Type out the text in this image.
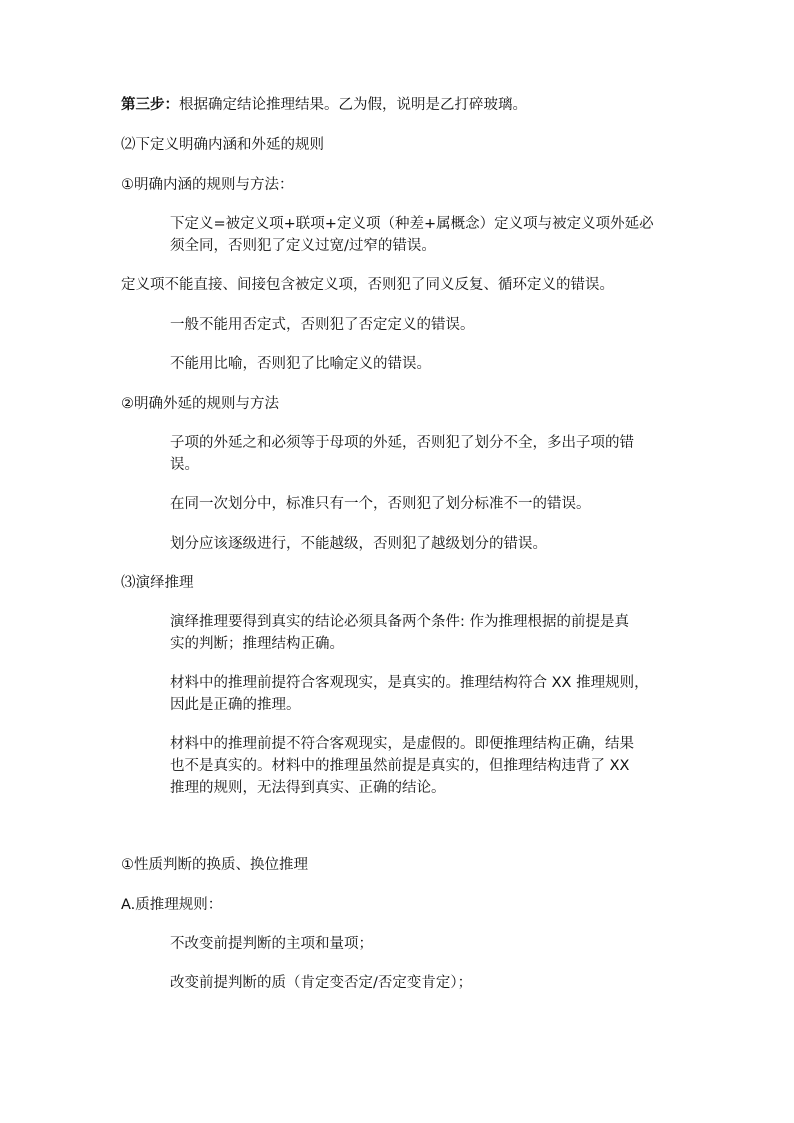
第三步：根据确定结论推理结果。乙为假，说明是乙打碎玻璃。
⑵下定义明确内涵和外延的规则
①明确内涵的规则与方法：
下定义=被定义项+联项+定义项（种差+属概念）定义项与被定义项外延必
须全同，否则犯了定义过宽/过窄的错误。
定义项不能直接、间接包含被定义项，否则犯了同义反复、循环定义的错误。
一般不能用否定式，否则犯了否定定义的错误。
不能用比喻，否则犯了比喻定义的错误。
②明确外延的规则与方法
子项的外延之和必须等于母项的外延，否则犯了划分不全，多出子项的错
误。
在同一次划分中，标准只有一个，否则犯了划分标准不一的错误。
划分应该逐级进行，不能越级，否则犯了越级划分的错误。
⑶演绎推理
演绎推理要得到真实的结论必须具备两个条件: 作为推理根据的前提是真
实的判断；推理结构正确。
材料中的推理前提符合客观现实，是真实的。推理结构符合 XX 推理规则，
因此是正确的推理。
材料中的推理前提不符合客观现实，是虚假的。即便推理结构正确，结果
也不是真实的。材料中的推理虽然前提是真实的，但推理结构违背了 XX
推理的规则，无法得到真实、正确的结论。
①性质判断的换质、换位推理
A.质推理规则：
不改变前提判断的主项和量项；
改变前提判断的质（肯定变否定/否定变肯定）；
